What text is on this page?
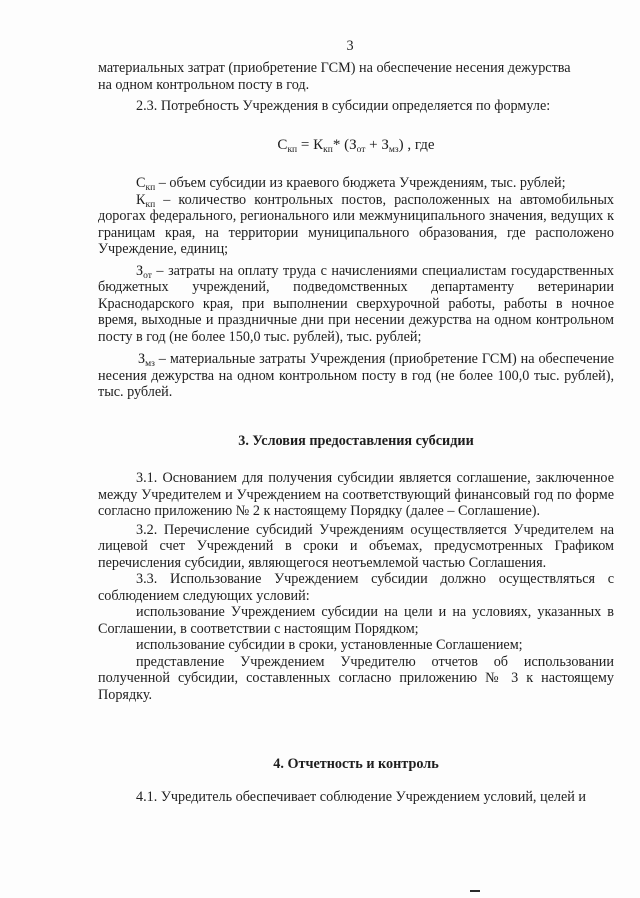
3

материальных затрат (приобретение ГСМ) на обеспечение несения дежурства
на одном контрольном посту в год.

2.3. Потребность Учреждения в субсидии определяется по формуле:

$С_{кп} = К_{кп}*$ $(З_{от} + З_{мз})$ , где

$С_{кп}$ – объем субсидии из краевого бюджета Учреждениям, тыс. рублей;

$К_{кп}$ – количество контрольных постов, расположенных на автомобильных дорогах федерального, регионального или межмуниципального значения, ведущих к границам края, на территории муниципального образования, где расположено Учреждение, единиц;

$З_{от}$ – затраты на оплату труда с начислениями специалистам государственных бюджетных учреждений, подведомственных департаменту ветеринарии Краснодарского края, при выполнении сверхурочной работы, работы в ночное время, выходные и праздничные дни при несении дежурства на одном контрольном посту в год (не более 150,0 тыс. рублей), тыс. рублей;

$З_{мз}$ – материальные затраты Учреждения (приобретение ГСМ) на обеспечение несения дежурства на одном контрольном посту в год (не более 100,0 тыс. рублей), тыс. рублей.

3. Условия предоставления субсидии

3.1. Основанием для получения субсидии является соглашение, заключенное между Учредителем и Учреждением на соответствующий финансовый год по форме согласно приложению № 2 к настоящему Порядку (далее – Соглашение).

3.2. Перечисление субсидий Учреждениям осуществляется Учредителем на лицевой счет Учреждений в сроки и объемах, предусмотренных Графиком перечисления субсидии, являющегося неотъемлемой частью Соглашения.

3.3. Использование Учреждением субсидии должно осуществляться с соблюдением следующих условий:

использование Учреждением субсидии на цели и на условиях, указанных в Соглашении, в соответствии с настоящим Порядком;

использование субсидии в сроки, установленные Соглашением;

представление Учреждением Учредителю отчетов об использовании полученной субсидии, составленных согласно приложению № 3 к настоящему Порядку.

4. Отчетность и контроль

4.1. Учредитель обеспечивает соблюдение Учреждением условий, целей и
